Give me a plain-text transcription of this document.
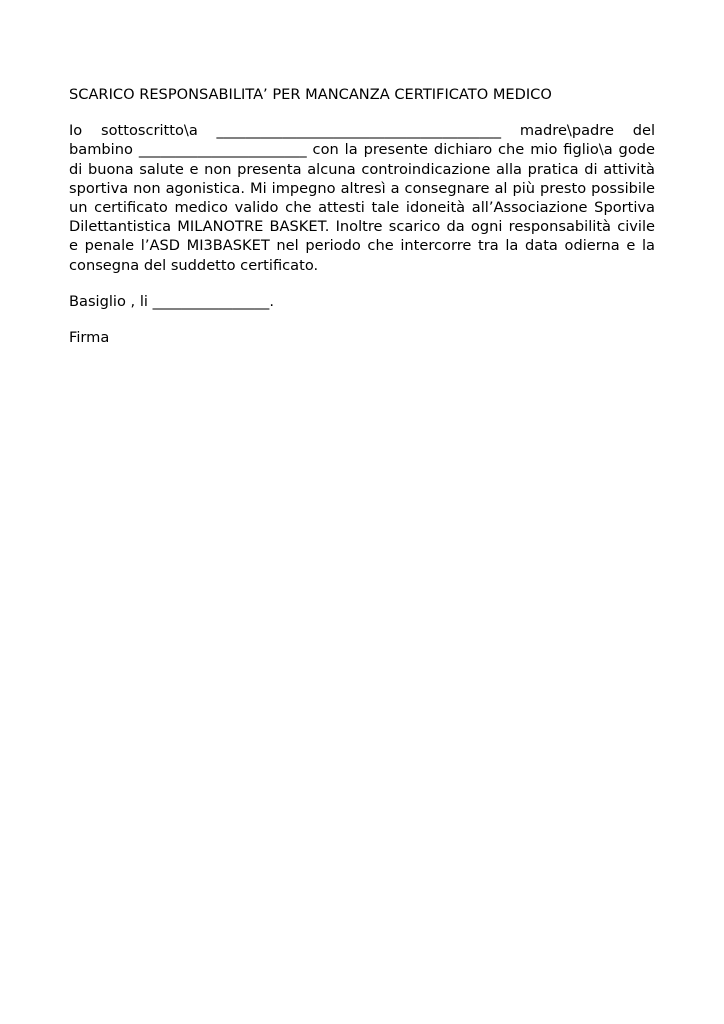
SCARICO RESPONSABILITA’ PER MANCANZA CERTIFICATO MEDICO

Io sottoscritto\a _______________________________________ madre\padre del bambino _______________________ con la presente dichiaro che mio figlio\a gode di buona salute e non presenta alcuna controindicazione alla pratica di attività sportiva non agonistica. Mi impegno altresì a consegnare al più presto possibile un certificato medico valido che attesti tale idoneità all’Associazione Sportiva Dilettantistica MILANOTRE BASKET. Inoltre scarico da ogni responsabilità civile e penale l’ASD MI3BASKET nel periodo che intercorre tra la data odierna e la consegna del suddetto certificato.

Basiglio , li ________________.

Firma
